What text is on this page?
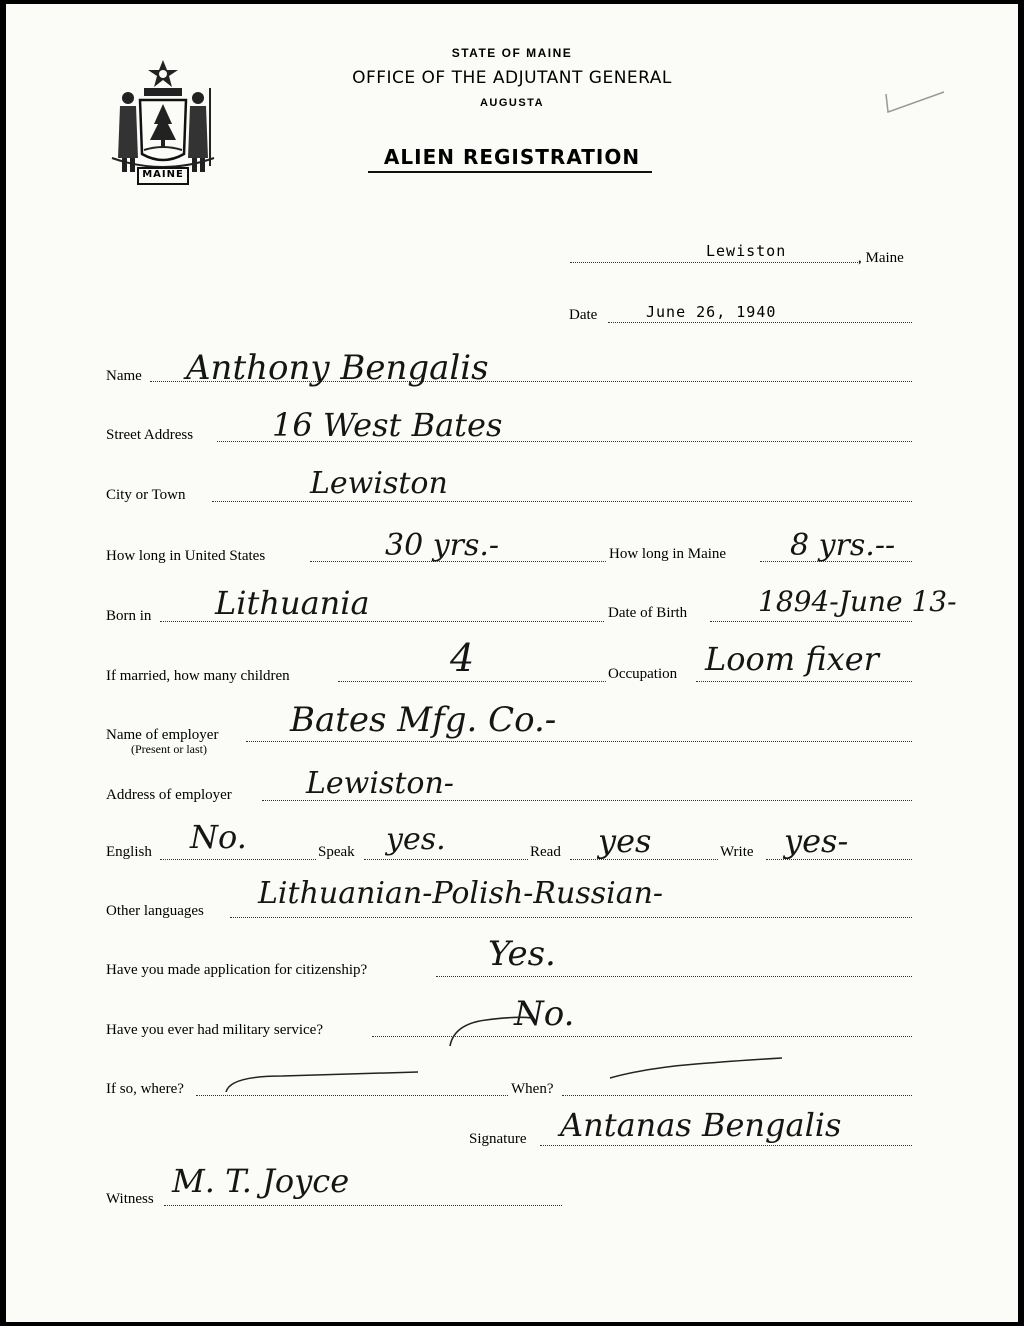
MAINE
STATE OF MAINE
OFFICE OF THE ADJUTANT GENERAL
AUGUSTA
ALIEN REGISTRATION
Lewiston	, Maine
Date	June 26, 1940
Name Anthony Bengalis
Street Address 16 West Bates
City or Town	Lewiston
How long in United States	30 yrs.-	How long in Maine 8 yrs.--
Born in Lithuania	Date of Birth	1894-June 13-
If married, how many children	4	Occupation Loom fixer
Name of employer
(Present or last)
Bates Mfg. Co.-
Address of employer Lewiston-
English No.	Speak yes.	Read yes	Write yes-
Other languages Lithuanian-Polish-Russian-
Have you made application for citizenship?	Yes.
Have you ever had military service?	No.
If so, where?	When?
Signature Antanas Bengalis
Witness M. T. Joyce
